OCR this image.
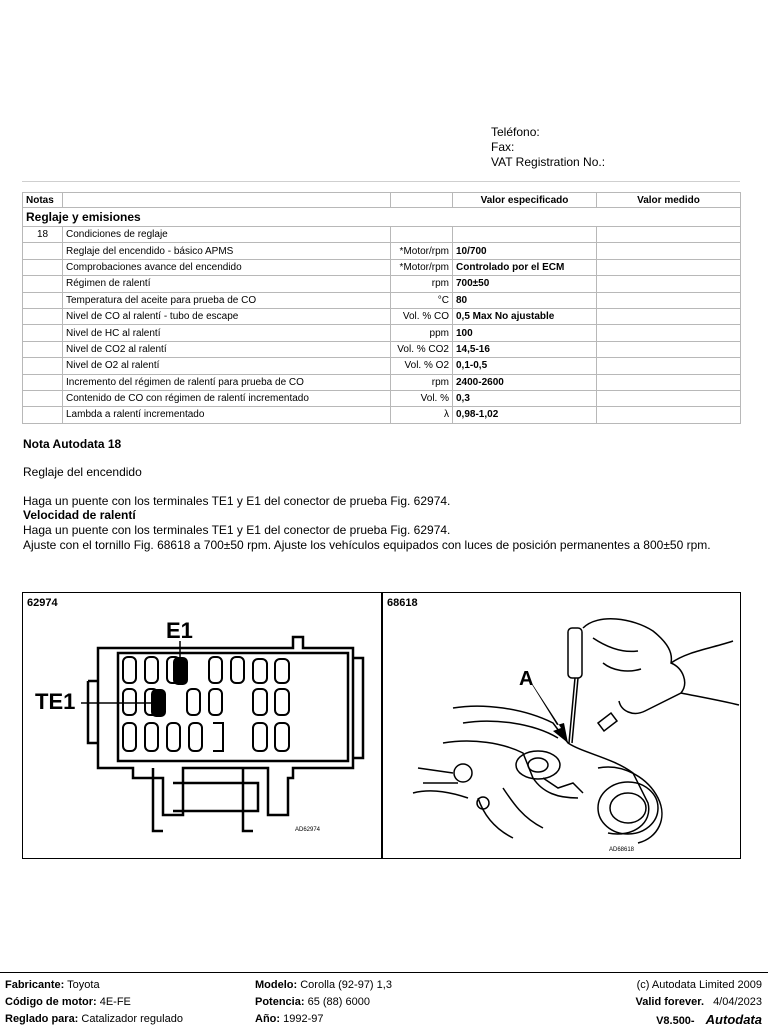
Teléfono:
Fax:
VAT Registration No.:
Notas			Valor especificado	Valor medido
Reglaje y emisiones				
18	Condiciones de reglaje			
	Reglaje del encendido - básico APMS	*Motor/rpm	10/700	
	Comprobaciones avance del encendido	*Motor/rpm	Controlado por el ECM	
	Régimen de ralentí	rpm	700±50	
	Temperatura del aceite para prueba de CO	°C	80	
	Nivel de CO al ralentí - tubo de escape	Vol. % CO	0,5 Max No ajustable	
	Nivel de HC al ralentí	ppm	100	
	Nivel de CO2 al ralentí	Vol. % CO2	14,5-16	
	Nivel de O2 al ralentí	Vol. % O2	0,1-0,5	
	Incremento del régimen de ralentí para prueba de CO	rpm	2400-2600	
	Contenido de CO con régimen de ralentí incrementado	Vol. %	0,3	
	Lambda a ralentí incrementado	λ	0,98-1,02	
Nota Autodata 18
Reglaje del encendido
Haga un puente con los terminales TE1 y E1 del conector de prueba Fig. 62974.
Velocidad de ralentí
Haga un puente con los terminales TE1 y E1 del conector de prueba Fig. 62974.
Ajuste con el tornillo Fig. 68618 a 700±50 rpm. Ajuste los vehículos equipados con luces de posición permanentes a 800±50 rpm.
62974
E1
TE1
AD62974
68618
A
AD68618
Fabricante: Toyota
Código de motor: 4E-FE
Reglado para: Catalizador regulado
Modelo: Corolla (92-97) 1,3
Potencia: 65 (88) 6000
Año: 1992-97
(c) Autodata Limited 2009
Valid forever. 4/04/2023
V8.500- Autodata
